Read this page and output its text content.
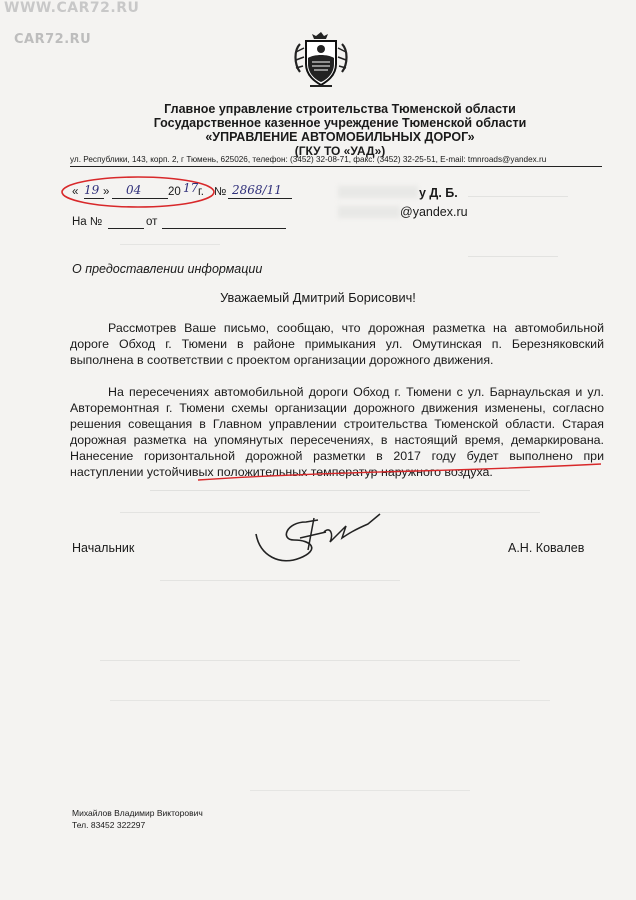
WWW.CAR72.RU
CAR72.RU
Главное управление строительства Тюменской области
Государственное казенное учреждение Тюменской области
«УПРАВЛЕНИЕ АВТОМОБИЛЬНЫХ ДОРОГ»
(ГКУ ТО «УАД»)
ул. Республики, 143, корп. 2, г Тюмень, 625026, телефон: (3452) 32-08-71, факс: (3452) 32-25-51, E-mail: tmnroads@yandex.ru
« 19 » 04 20 17 г. № 2868/11
На №	от
у Д. Б.
@yandex.ru
О предоставлении информации
Уважаемый Дмитрий Борисович!
Рассмотрев Ваше письмо, сообщаю, что дорожная разметка на автомобильной дороге Обход г. Тюмени в районе примыкания ул. Омутинская п. Березняковский выполнена в соответствии с проектом организации дорожного движения.
На пересечениях автомобильной дороги Обход г. Тюмени с ул. Барнаульская и ул. Авторемонтная г. Тюмени схемы организации дорожного движения изменены, согласно решения совещания в Главном управлении строительства Тюменской области. Старая дорожная разметка на упомянутых пересечениях, в настоящий время, демаркирована. Нанесение горизонтальной дорожной разметки в 2017 году будет выполнено при наступлении устойчивых положительных температур наружного воздуха.
Начальник	А.Н. Ковалев
Михайлов Владимир Викторович
Тел. 83452 322297
